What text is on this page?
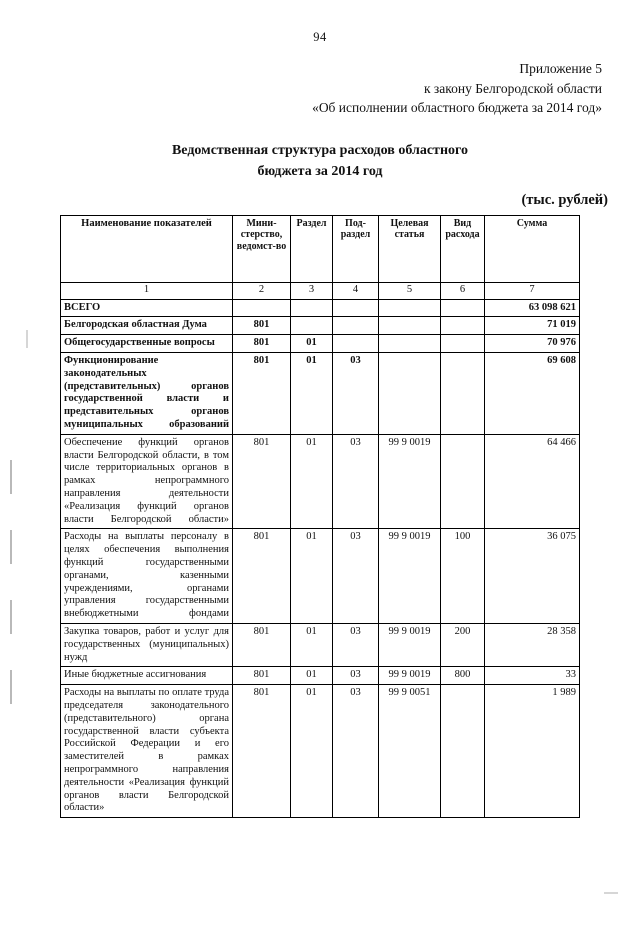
94
Приложение 5
к закону Белгородской области
«Об исполнении областного бюджета за 2014 год»
Ведомственная структура расходов областного
бюджета за 2014 год
(тыс. рублей)
Наименование показателей	Мини-стерство, ведомст-во	Раздел	Под-раздел	Целевая статья	Вид расхода	Сумма
1	2	3	4	5	6	7
ВСЕГО						63 098 621
Белгородская областная Дума	801					71 019
Общегосударственные вопросы	801	01				70 976
Функционирование законодательных (представительных) органов государственной власти и представительных органов муниципальных образований	801	01	03			69 608
Обеспечение функций органов власти Белгородской области, в том числе территориальных органов в рамках непрограммного направления деятельности «Реализация функций органов власти Белгородской области»	801	01	03	99 9 0019		64 466
Расходы на выплаты персоналу в целях обеспечения выполнения функций государственными органами, казенными учреждениями, органами управления государственными внебюджетными фондами	801	01	03	99 9 0019	100	36 075
Закупка товаров, работ и услуг для государственных (муниципальных) нужд	801	01	03	99 9 0019	200	28 358
Иные бюджетные ассигнования	801	01	03	99 9 0019	800	33
Расходы на выплаты по оплате труда председателя законодательного (представительного) органа государственной власти субъекта Российской Федерации и его заместителей в рамках непрограммного направления деятельности «Реализация функций органов власти Белгородской области»	801	01	03	99 9 0051		1 989
